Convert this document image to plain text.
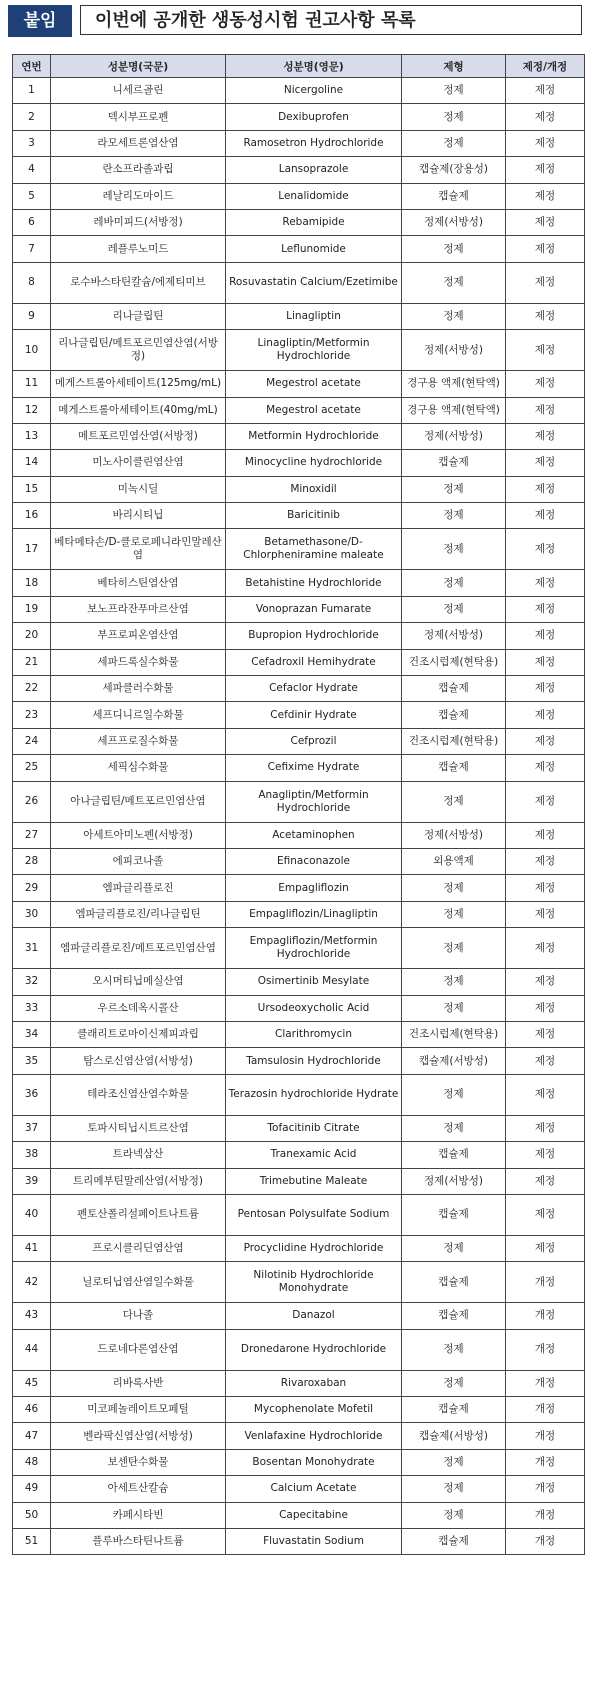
붙임	이번에 공개한 생동성시험 권고사항 목록
연번	성분명(국문)	성분명(영문)	제형	제정/개정
1	니세르골린	Nicergoline	정제	제정
2	덱시부프로펜	Dexibuprofen	정제	제정
3	라모세트론염산염	Ramosetron Hydrochloride	정제	제정
4	란소프라졸과립	Lansoprazole	캡슐제(장용성)	제정
5	레날리도마이드	Lenalidomide	캡슐제	제정
6	레바미피드(서방정)	Rebamipide	정제(서방성)	제정
7	레플루노미드	Leflunomide	정제	제정
8	로수바스타틴칼슘/에제티미브	Rosuvastatin Calcium/Ezetimibe	정제	제정
9	리나글립틴	Linagliptin	정제	제정
10	리나글립틴/메트포르민염산염(서방정)	Linagliptin/Metformin Hydrochloride	정제(서방성)	제정
11	메게스트롤아세테이트(125mg/mL)	Megestrol acetate	경구용 액제(현탁액)	제정
12	메게스트롤아세테이트(40mg/mL)	Megestrol acetate	경구용 액제(현탁액)	제정
13	메트포르민염산염(서방정)	Metformin Hydrochloride	정제(서방성)	제정
14	미노사이클린염산염	Minocycline hydrochloride	캡슐제	제정
15	미녹시딜	Minoxidil	정제	제정
16	바리시티닙	Baricitinib	정제	제정
17	베타메타손/D-클로로페니라민말레산염	Betamethasone/D-Chlorpheniramine maleate	정제	제정
18	베타히스틴염산염	Betahistine Hydrochloride	정제	제정
19	보노프라잔푸마르산염	Vonoprazan Fumarate	정제	제정
20	부프로피온염산염	Bupropion Hydrochloride	정제(서방성)	제정
21	세파드록실수화물	Cefadroxil Hemihydrate	건조시럽제(현탁용)	제정
22	세파클러수화물	Cefaclor Hydrate	캡슐제	제정
23	세프디니르일수화물	Cefdinir Hydrate	캡슐제	제정
24	세프프로질수화물	Cefprozil	건조시럽제(현탁용)	제정
25	세픽심수화물	Cefixime Hydrate	캡슐제	제정
26	아나글립틴/메트포르민염산염	Anagliptin/Metformin Hydrochloride	정제	제정
27	아세트아미노펜(서방정)	Acetaminophen	정제(서방성)	제정
28	에피코나졸	Efinaconazole	외용액제	제정
29	엠파글리플로진	Empagliflozin	정제	제정
30	엠파글리플로진/리나글립틴	Empagliflozin/Linagliptin	정제	제정
31	엠파글리플로진/메트포르민염산염	Empagliflozin/Metformin Hydrochloride	정제	제정
32	오시머티닙메실산염	Osimertinib Mesylate	정제	제정
33	우르소데옥시콜산	Ursodeoxycholic Acid	정제	제정
34	클래리트로마이신제피과립	Clarithromycin	건조시럽제(현탁용)	제정
35	탐스로신염산염(서방성)	Tamsulosin Hydrochloride	캡슐제(서방성)	제정
36	테라조신염산염수화물	Terazosin hydrochloride Hydrate	정제	제정
37	토파시티닙시트르산염	Tofacitinib Citrate	정제	제정
38	트라넥삼산	Tranexamic Acid	캡슐제	제정
39	트리메부틴말레산염(서방정)	Trimebutine Maleate	정제(서방성)	제정
40	펜토산폴리설페이트나트륨	Pentosan Polysulfate Sodium	캡슐제	제정
41	프로시클리딘염산염	Procyclidine Hydrochloride	정제	제정
42	닐로티닙염산염일수화물	Nilotinib Hydrochloride Monohydrate	캡슐제	개정
43	다나졸	Danazol	캡슐제	개정
44	드로네다론염산염	Dronedarone Hydrochloride	정제	개정
45	리바록사반	Rivaroxaban	정제	개정
46	미코페놀레이트모페틸	Mycophenolate Mofetil	캡슐제	개정
47	벤라팍신염산염(서방성)	Venlafaxine Hydrochloride	캡슐제(서방성)	개정
48	보센탄수화물	Bosentan Monohydrate	정제	개정
49	아세트산칼슘	Calcium Acetate	정제	개정
50	카페시타빈	Capecitabine	정제	개정
51	플루바스타틴나트륨	Fluvastatin Sodium	캡슐제	개정
